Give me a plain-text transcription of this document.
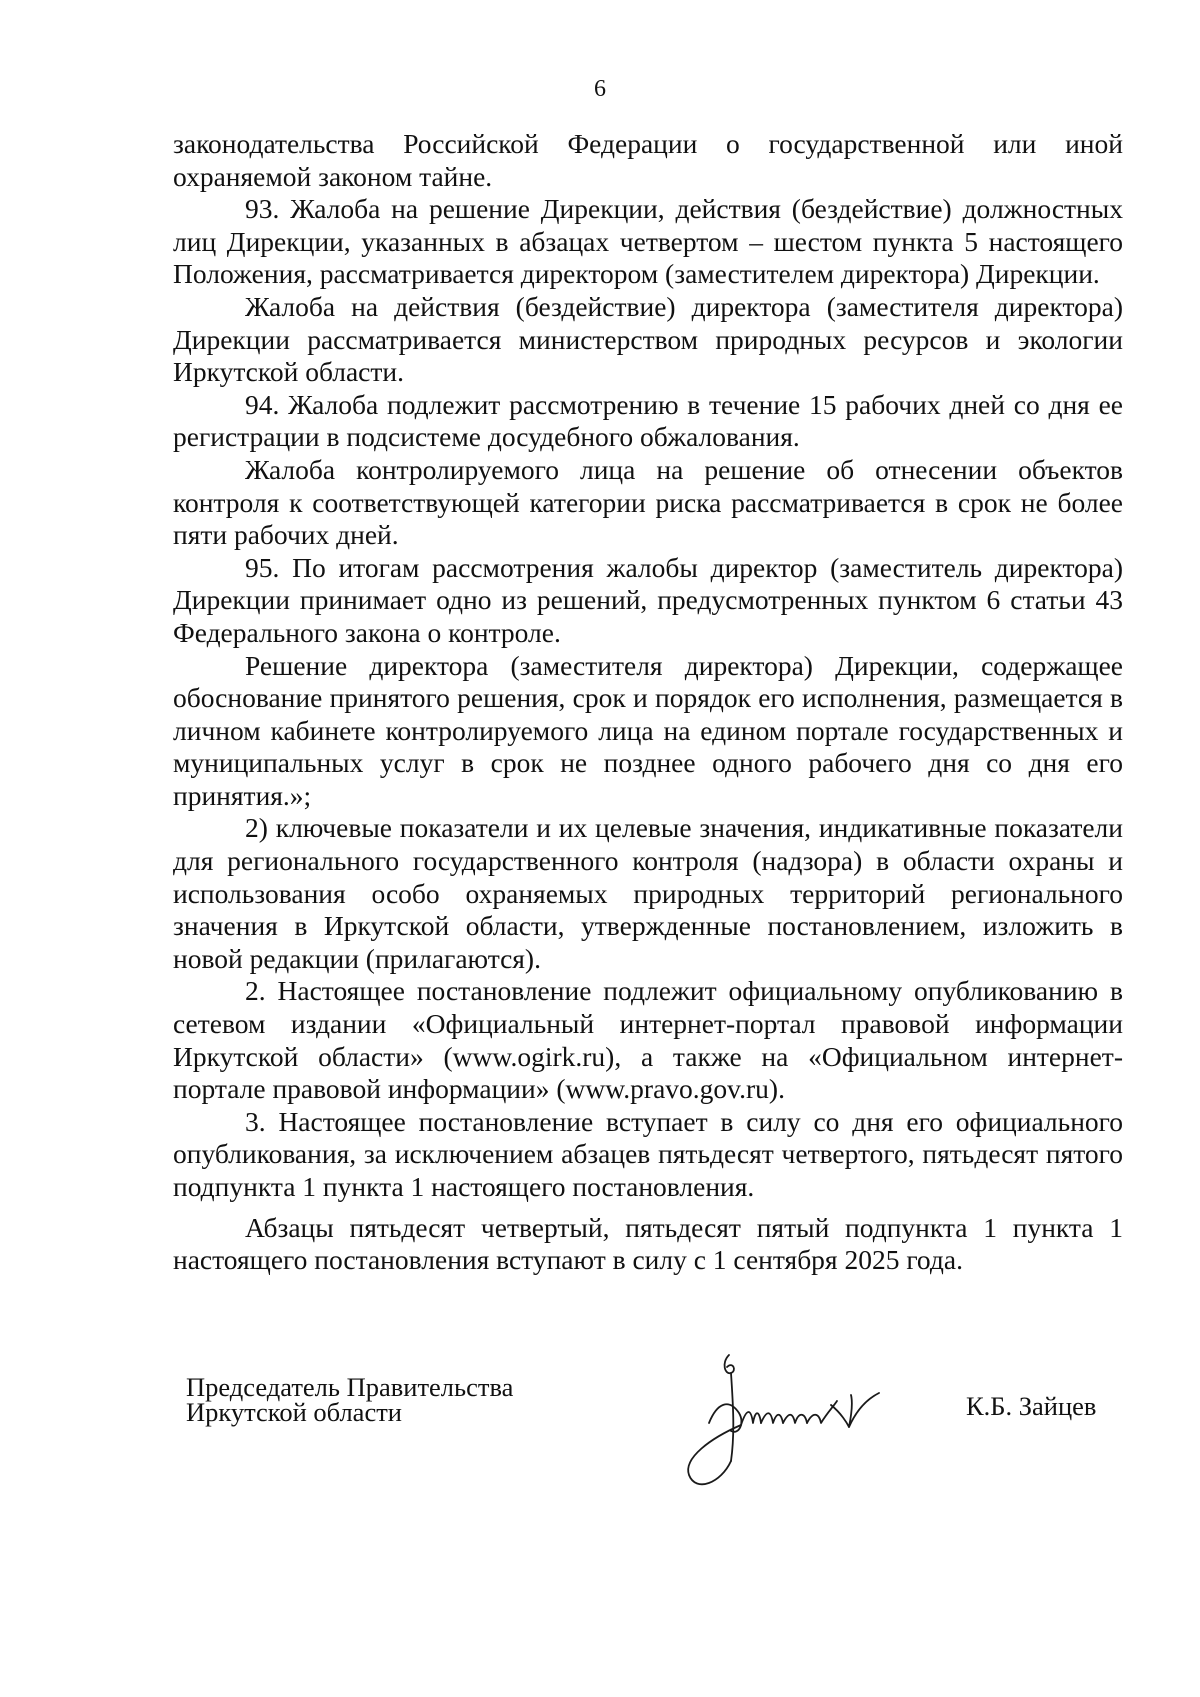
6

законодательства Российской Федерации о государственной или иной охраняемой законом тайне.

93. Жалоба на решение Дирекции, действия (бездействие) должностных лиц Дирекции, указанных в абзацах четвертом – шестом пункта 5 настоящего Положения, рассматривается директором (заместителем директора) Дирекции.

Жалоба на действия (бездействие) директора (заместителя директора) Дирекции рассматривается министерством природных ресурсов и экологии Иркутской области.

94. Жалоба подлежит рассмотрению в течение 15 рабочих дней со дня ее регистрации в подсистеме досудебного обжалования.

Жалоба контролируемого лица на решение об отнесении объектов контроля к соответствующей категории риска рассматривается в срок не более пяти рабочих дней.

95. По итогам рассмотрения жалобы директор (заместитель директора) Дирекции принимает одно из решений, предусмотренных пунктом 6 статьи 43 Федерального закона о контроле.

Решение директора (заместителя директора) Дирекции, содержащее обоснование принятого решения, срок и порядок его исполнения, размещается в личном кабинете контролируемого лица на едином портале государственных и муниципальных услуг в срок не позднее одного рабочего дня со дня его принятия.»;

2) ключевые показатели и их целевые значения, индикативные показатели для регионального государственного контроля (надзора) в области охраны и использования особо охраняемых природных территорий регионального значения в Иркутской области, утвержденные постановлением, изложить в новой редакции (прилагаются).

2. Настоящее постановление подлежит официальному опубликованию в сетевом издании «Официальный интернет-портал правовой информации Иркутской области» (www.ogirk.ru), а также на «Официальном интернет-портале правовой информации» (www.pravo.gov.ru).

3. Настоящее постановление вступает в силу со дня его официального опубликования, за исключением абзацев пятьдесят четвертого, пятьдесят пятого подпункта 1 пункта 1 настоящего постановления.

Абзацы пятьдесят четвертый, пятьдесят пятый подпункта 1 пункта 1 настоящего постановления вступают в силу с 1 сентября 2025 года.

Председатель Правительства
Иркутской области	К.Б. Зайцев
